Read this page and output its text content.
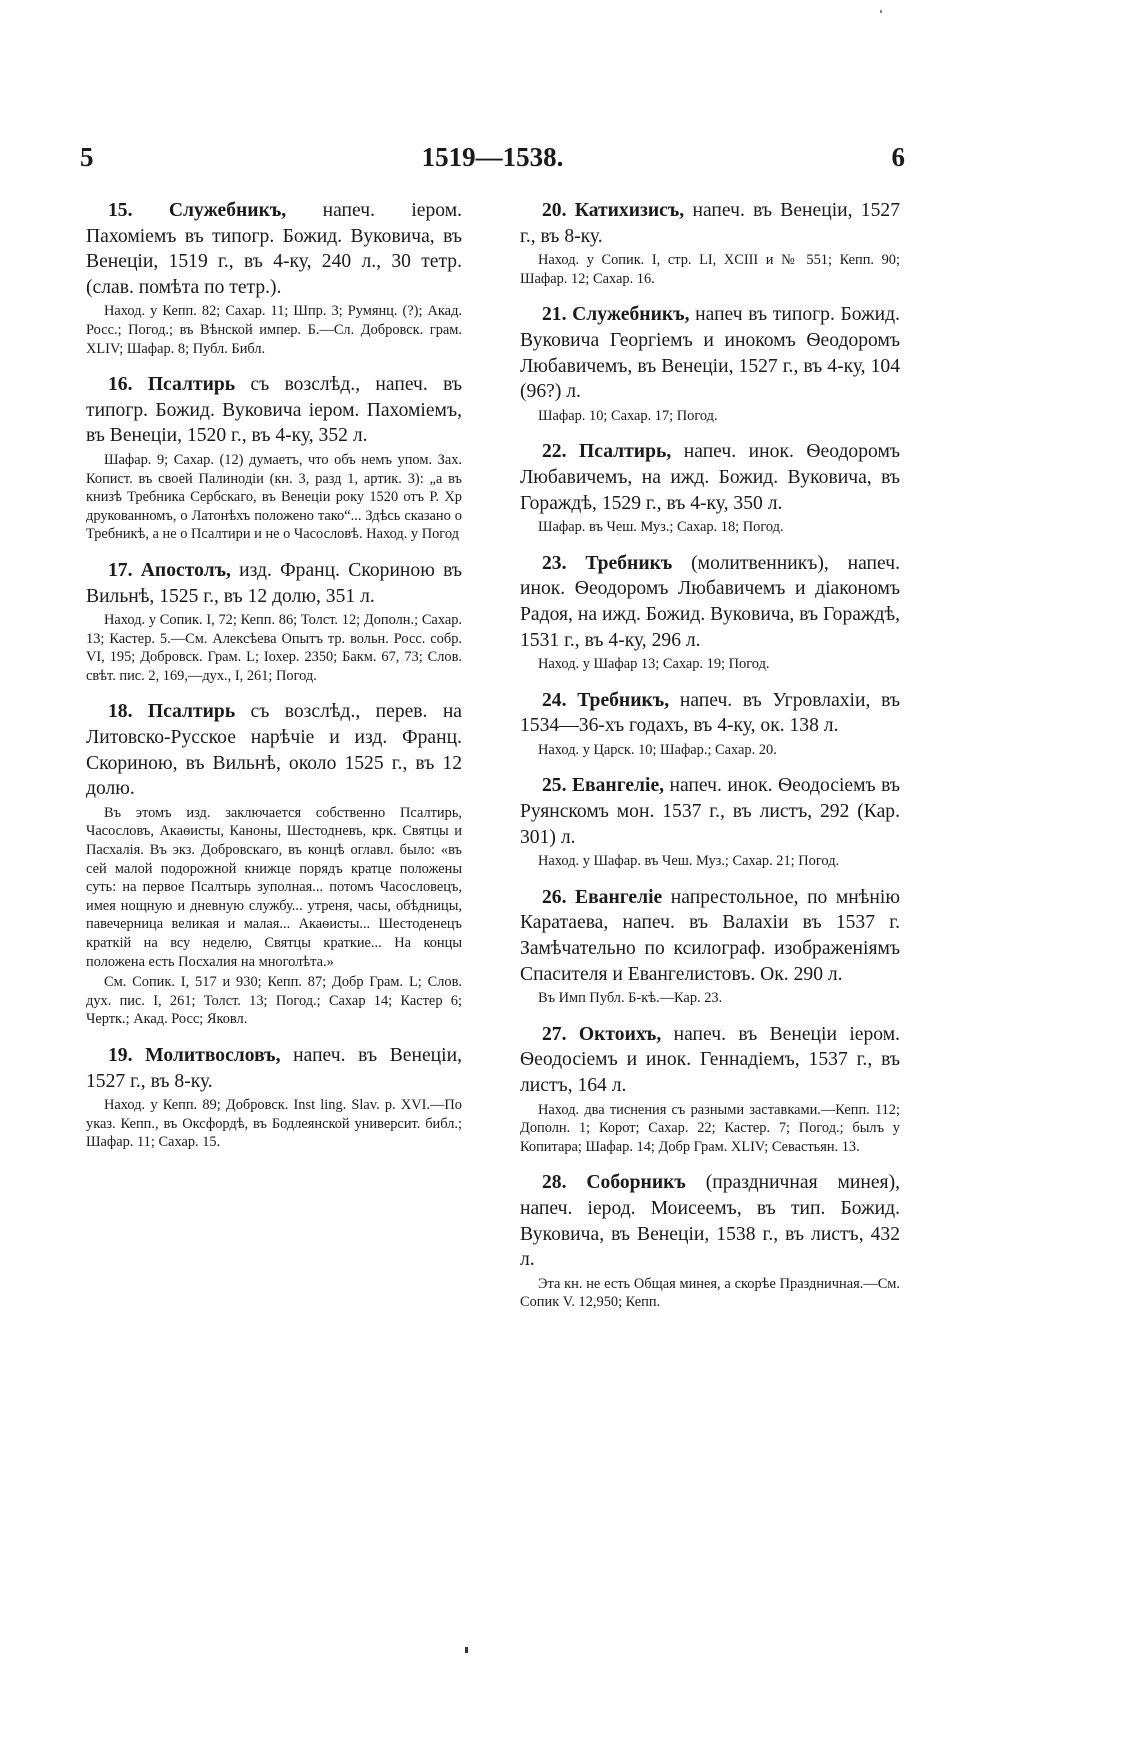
5	1519—1538.	6

15. Служебникъ, напеч. ieром. Пахомieмъ въ типогр. Божид. Вуковича, въ Венецiи, 1519 г., въ 4-ку, 240 л., 30 тетр. (слав. помѣта по тетр.).

Наход. у Кепп. 82; Сахар. 11; Шпр. 3; Румянц. (?); Акад. Росс.; Погод.; въ Вѣнской импер. Б.—Сл. Добровск. грам. XLIV; Шафар. 8; Публ. Библ.

16. Псалтирь съ возслѣд., напеч. въ типогр. Божид. Вуковича ieром. Пахомieмъ, въ Венецiи, 1520 г., въ 4-ку, 352 л.

Шафар. 9; Сахар. (12) думаетъ, что объ немъ упом. Зах. Копист. въ своей Палинодiи (кн. 3, разд 1, артик. 3): „а въ книзѣ Требника Сербскаго, въ Венецiи року 1520 отъ Р. Хр друкованномъ, о Латонѣхъ положено тако“... Здѣсь сказано о Требникѣ, а не о Псалтири и не о Часословѣ. Наход. у Погод

17. Апостолъ, изд. Франц. Скориною въ Вильнѣ, 1525 г., въ 12 долю, 351 л.

Наход. у Сопик. I, 72; Кепп. 86; Толст. 12; Дополн.; Сахар. 13; Кастер. 5.—См. Алексѣева Опытъ тр. вольн. Росс. собр. VI, 195; Добровск. Грам. L; Iохер. 2350; Бакм. 67, 73; Слов. свѣт. пис. 2, 169,—дух., I, 261; Погод.

18. Псалтирь съ возслѣд., перев. на Литовско-Русское нарѣчiе и изд. Франц. Скориною, въ Вильнѣ, около 1525 г., въ 12 долю.

Въ этомъ изд. заключается собственно Псалтирь, Часословъ, Акаѳисты, Каноны, Шестодневъ, крк. Святцы и Пасхалiя. Въ экз. Добровскаго, въ концѣ оглавл. было: «въ сей малой подорожной книжце порядъ кратце положены суть: на первое Псалтырь зуполная... потомъ Часословецъ, имея нощную и дневную службу... утреня, часы, обѣдницы, павечерница великая и малая... Акаѳисты... Шестоденецъ краткiй на всу неделю, Святцы краткие... На концы положена есть Посхалия на многолѣта.»

См. Сопик. I, 517 и 930; Кепп. 87; Добр Грам. L; Слов. дух. пис. I, 261; Толст. 13; Погод.; Сахар 14; Кастер 6; Чертк.; Акад. Росс; Яковл.

19. Молитвословъ, напеч. въ Венецiи, 1527 г., въ 8-ку.

Наход. у Кепп. 89; Добровск. Inst ling. Slav. p. XVI.—По указ. Кепп., въ Оксфордѣ, въ Бодлеянской университ. библ.; Шафар. 11; Сахар. 15.

20. Катихизисъ, напеч. въ Венецiи, 1527 г., въ 8-ку.

Наход. у Сопик. I, стр. LI, XCIII и № 551; Кепп. 90; Шафар. 12; Сахар. 16.

21. Служебникъ, напеч въ типогр. Божид. Вуковича Георгieмъ и инокомъ Ѳеодоромъ Любавичемъ, въ Венецiи, 1527 г., въ 4-ку, 104 (96?) л.

Шафар. 10; Сахар. 17; Погод.

22. Псалтирь, напеч. инок. Ѳеодоромъ Любавичемъ, на ижд. Божид. Вуковича, въ Гораждѣ, 1529 г., въ 4-ку, 350 л.

Шафар. въ Чеш. Муз.; Сахар. 18; Погод.

23. Требникъ (молитвенникъ), напеч. инок. Ѳеодоромъ Любавичемъ и дiакономъ Радоя, на ижд. Божид. Вуковича, въ Гораждѣ, 1531 г., въ 4-ку, 296 л.

Наход. у Шафар 13; Сахар. 19; Погод.

24. Требникъ, напеч. въ Угровлахiи, въ 1534—36-хъ годахъ, въ 4-ку, ок. 138 л.

Наход. у Царск. 10; Шафар.; Сахар. 20.

25. Евангелiе, напеч. инок. Ѳеодосieмъ въ Руянскомъ мон. 1537 г., въ листъ, 292 (Кар. 301) л.

Наход. у Шафар. въ Чеш. Муз.; Сахар. 21; Погод.

26. Евангелiе напрестольное, по мнѣнiю Каратаева, напеч. въ Валахiи въ 1537 г. Замѣчательно по ксилограф. изображенiямъ Спасителя и Евангелистовъ. Ок. 290 л.

Въ Имп Публ. Б-кѣ.—Кар. 23.

27. Октоихъ, напеч. въ Венецiи ieром. Ѳеодосieмъ и инок. Геннадieмъ, 1537 г., въ листъ, 164 л.

Наход. два тиснения съ разными заставками.—Кепп. 112; Дополн. 1; Корот; Сахар. 22; Кастер. 7; Погод.; былъ у Копитара; Шафар. 14; Добр Грам. XLIV; Севастьян. 13.

28. Соборникъ (праздничная минея), напеч. ieрод. Моисеемъ, въ тип. Божид. Вуковича, въ Венецiи, 1538 г., въ листъ, 432 л.

Эта кн. не есть Общая минея, а скорѣе Праздничная.—См. Сопик V. 12,950; Кепп.
